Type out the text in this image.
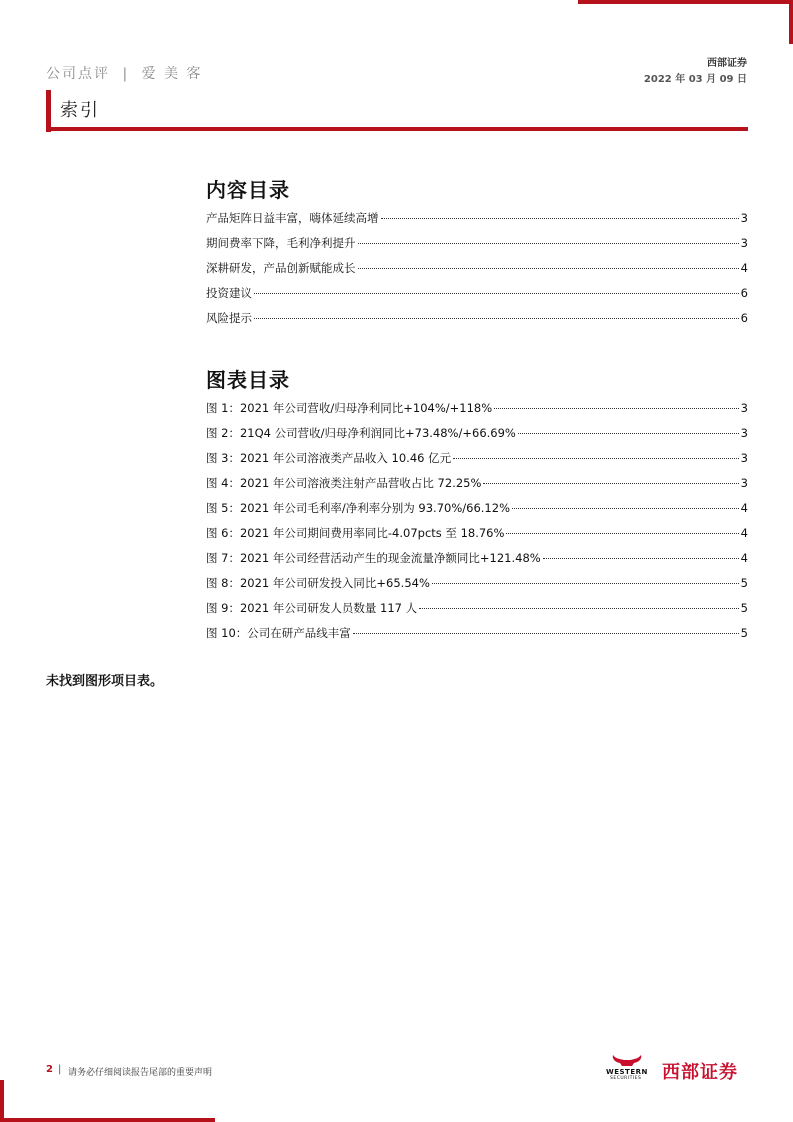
公司点评 | 爱 美 客
西部证券
2022 年 03 月 09 日
索引
内容目录
产品矩阵日益丰富，嗨体延续高增	3
期间费率下降，毛利净利提升	3
深耕研发，产品创新赋能成长	4
投资建议	6
风险提示	6
图表目录
图 1：2021 年公司营收/归母净利同比+104%/+118%	3
图 2：21Q4 公司营收/归母净利润同比+73.48%/+66.69%	3
图 3：2021 年公司溶液类产品收入 10.46 亿元	3
图 4：2021 年公司溶液类注射产品营收占比 72.25%	3
图 5：2021 年公司毛利率/净利率分别为 93.70%/66.12%	4
图 6：2021 年公司期间费用率同比-4.07pcts 至 18.76%	4
图 7：2021 年公司经营活动产生的现金流量净额同比+121.48%	4
图 8：2021 年公司研发投入同比+65.54%	5
图 9：2021 年公司研发人员数量 117 人	5
图 10：公司在研产品线丰富	5
未找到图形项目表。
2 | 请务必仔细阅读报告尾部的重要声明	WESTERN
SECURITIES 西部证券
